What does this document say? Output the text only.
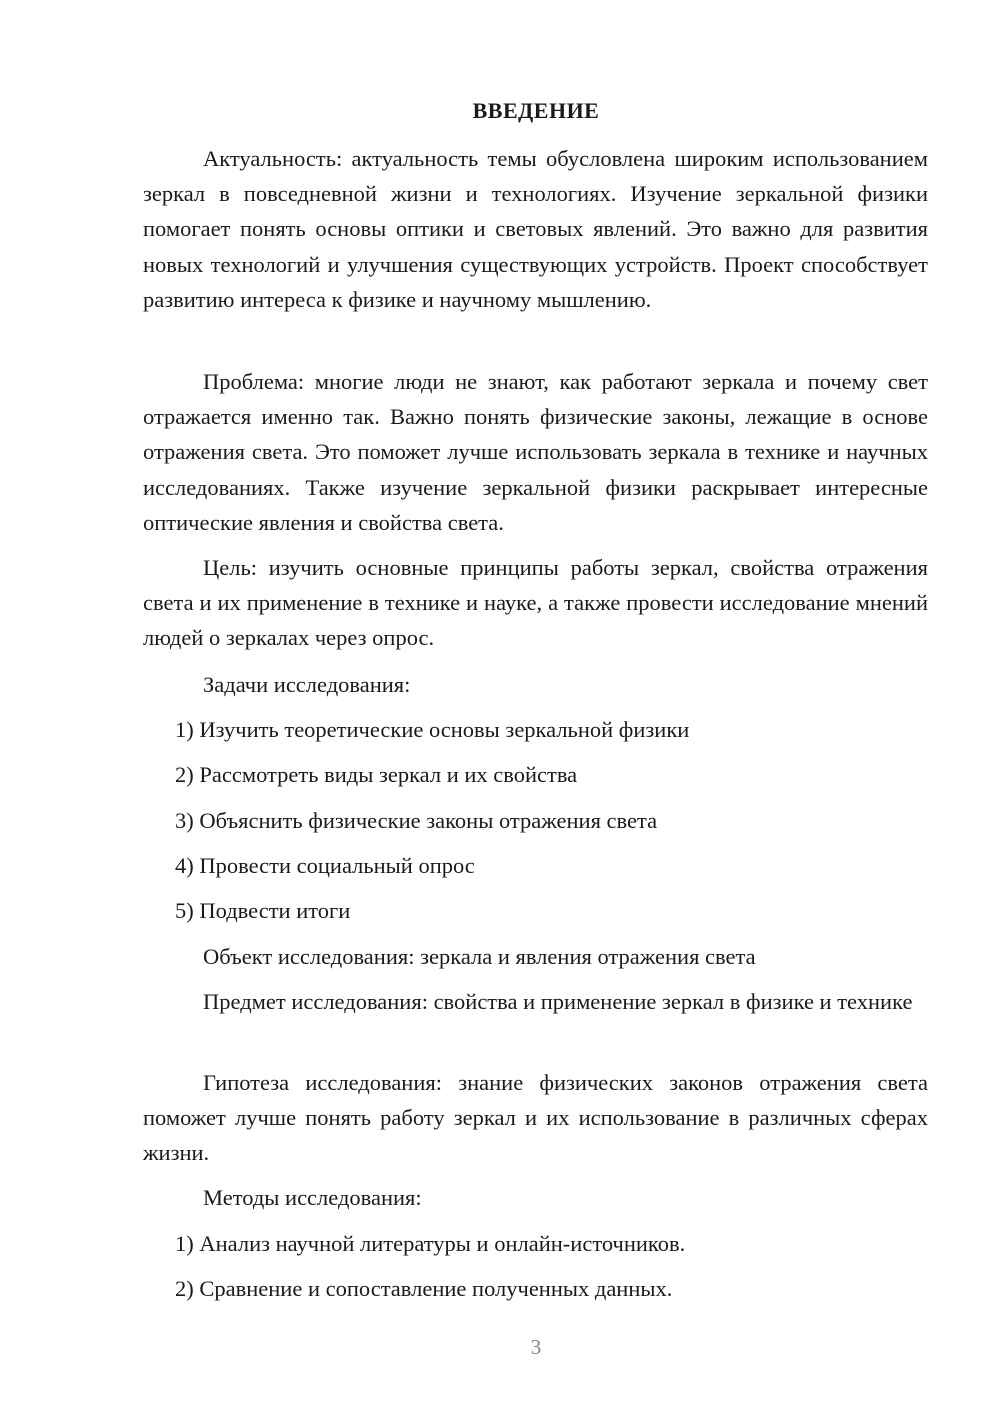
ВВЕДЕНИЕ

Актуальность: актуальность темы обусловлена широким использованием зеркал в повседневной жизни и технологиях. Изучение зеркальной физики помогает понять основы оптики и световых явлений. Это важно для развития новых технологий и улучшения существующих устройств. Проект способствует развитию интереса к физике и научному мышлению.

Проблема: многие люди не знают, как работают зеркала и почему свет отражается именно так. Важно понять физические законы, лежащие в основе отражения света. Это поможет лучше использовать зеркала в технике и научных исследованиях. Также изучение зеркальной физики раскрывает интересные оптические явления и свойства света.

Цель: изучить основные принципы работы зеркал, свойства отражения света и их применение в технике и науке, а также провести исследование мнений людей о зеркалах через опрос.

Задачи исследования:

1) Изучить теоретические основы зеркальной физики

2) Рассмотреть виды зеркал и их свойства

3) Объяснить физические законы отражения света

4) Провести социальный опрос

5) Подвести итоги

Объект исследования: зеркала и явления отражения света

Предмет исследования: свойства и применение зеркал в физике и технике

Гипотеза исследования: знание физических законов отражения света поможет лучше понять работу зеркал и их использование в различных сферах жизни.

Методы исследования:

1) Анализ научной литературы и онлайн-источников.

2) Сравнение и сопоставление полученных данных.

3
